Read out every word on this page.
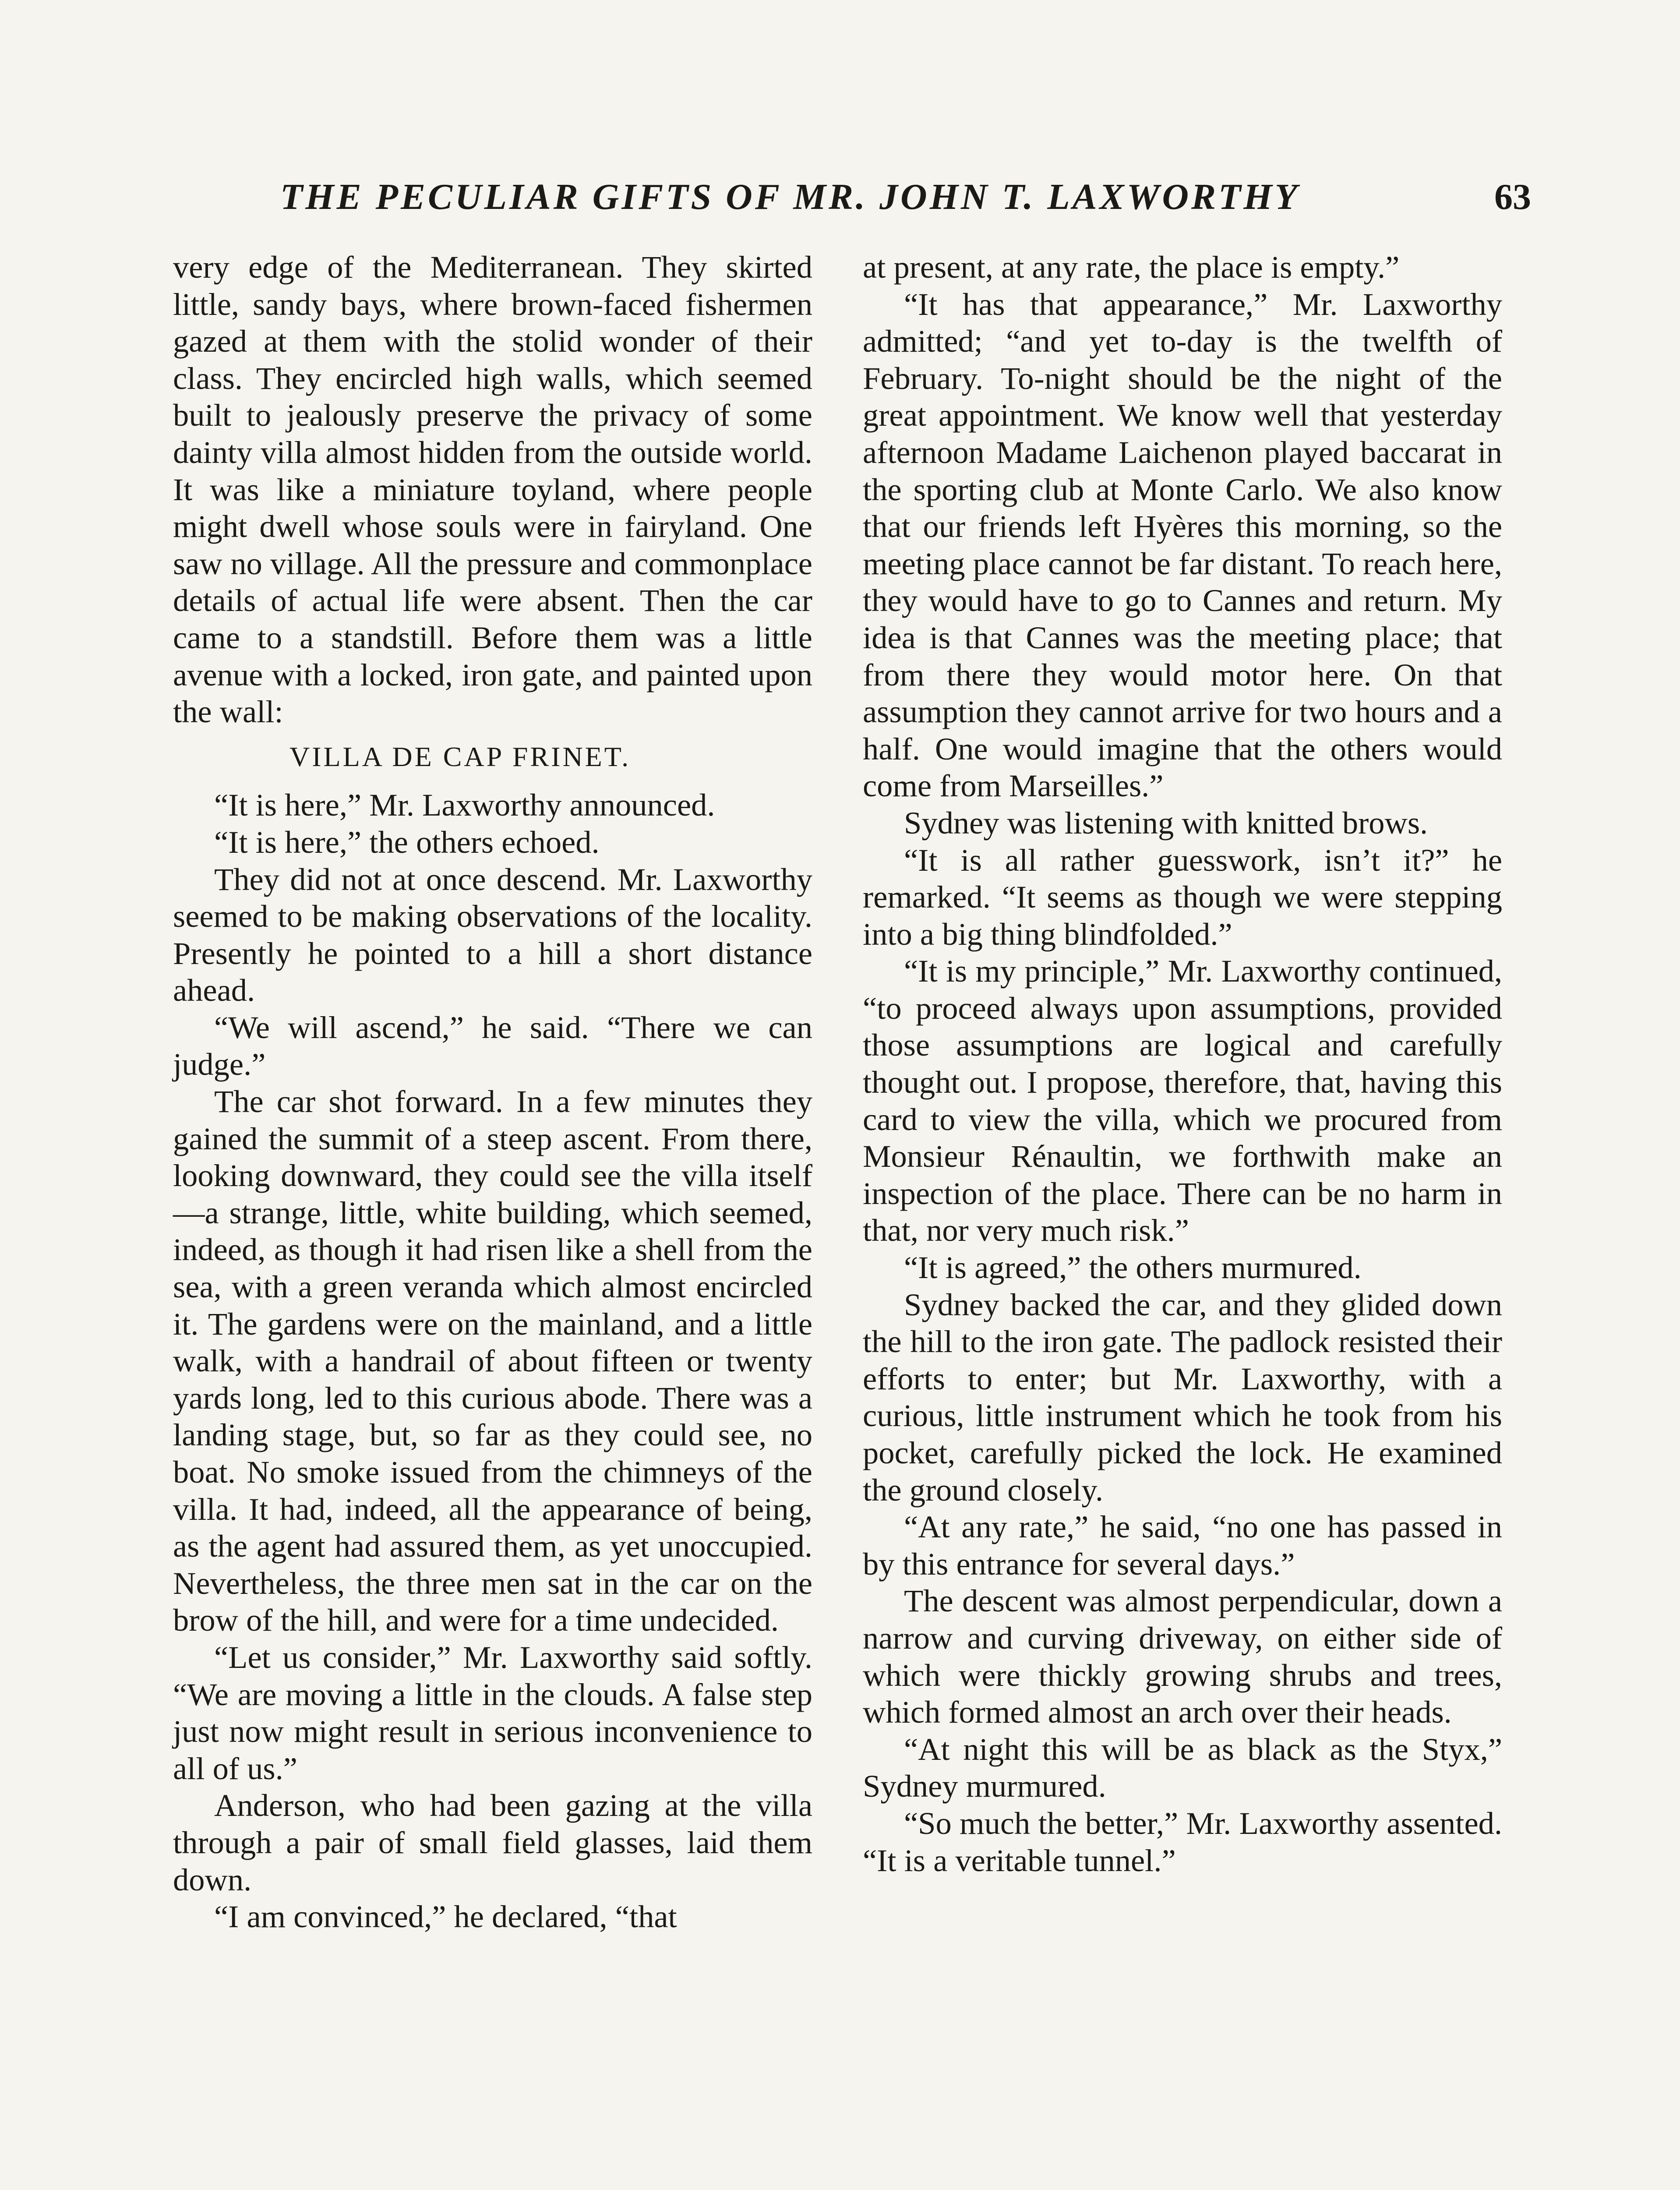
THE PECULIAR GIFTS OF MR. JOHN T. LAXWORTHY	63

very edge of the Mediterranean. They skirted little, sandy bays, where brown-faced fishermen gazed at them with the stolid wonder of their class. They encircled high walls, which seemed built to jealously preserve the privacy of some dainty villa almost hidden from the outside world. It was like a miniature toyland, where people might dwell whose souls were in fairyland. One saw no village. All the pressure and commonplace details of actual life were absent. Then the car came to a standstill. Before them was a little avenue with a locked, iron gate, and painted upon the wall:

VILLA DE CAP FRINET.

“It is here,” Mr. Laxworthy announced.

“It is here,” the others echoed.

They did not at once descend. Mr. Laxworthy seemed to be making observations of the locality. Presently he pointed to a hill a short distance ahead.

“We will ascend,” he said. “There we can judge.”

The car shot forward. In a few minutes they gained the summit of a steep ascent. From there, looking downward, they could see the villa itself—a strange, little, white building, which seemed, indeed, as though it had risen like a shell from the sea, with a green veranda which almost encircled it. The gardens were on the mainland, and a little walk, with a handrail of about fifteen or twenty yards long, led to this curious abode. There was a landing stage, but, so far as they could see, no boat. No smoke issued from the chimneys of the villa. It had, indeed, all the appearance of being, as the agent had assured them, as yet unoccupied. Nevertheless, the three men sat in the car on the brow of the hill, and were for a time undecided.

“Let us consider,” Mr. Laxworthy said softly. “We are moving a little in the clouds. A false step just now might result in serious inconvenience to all of us.”

Anderson, who had been gazing at the villa through a pair of small field glasses, laid them down.

“I am convinced,” he declared, “that

at present, at any rate, the place is empty.”

“It has that appearance,” Mr. Laxworthy admitted; “and yet to-day is the twelfth of February. To-night should be the night of the great appointment. We know well that yesterday afternoon Madame Laichenon played baccarat in the sporting club at Monte Carlo. We also know that our friends left Hyères this morning, so the meeting place cannot be far distant. To reach here, they would have to go to Cannes and return. My idea is that Cannes was the meeting place; that from there they would motor here. On that assumption they cannot arrive for two hours and a half. One would imagine that the others would come from Marseilles.”

Sydney was listening with knitted brows.

“It is all rather guesswork, isn’t it?” he remarked. “It seems as though we were stepping into a big thing blindfolded.”

“It is my principle,” Mr. Laxworthy continued, “to proceed always upon assumptions, provided those assumptions are logical and carefully thought out. I propose, therefore, that, having this card to view the villa, which we procured from Monsieur Rénaultin, we forthwith make an inspection of the place. There can be no harm in that, nor very much risk.”

“It is agreed,” the others murmured.

Sydney backed the car, and they glided down the hill to the iron gate. The padlock resisted their efforts to enter; but Mr. Laxworthy, with a curious, little instrument which he took from his pocket, carefully picked the lock. He examined the ground closely.

“At any rate,” he said, “no one has passed in by this entrance for several days.”

The descent was almost perpendicular, down a narrow and curving driveway, on either side of which were thickly growing shrubs and trees, which formed almost an arch over their heads.

“At night this will be as black as the Styx,” Sydney murmured.

“So much the better,” Mr. Laxworthy assented. “It is a veritable tunnel.”
